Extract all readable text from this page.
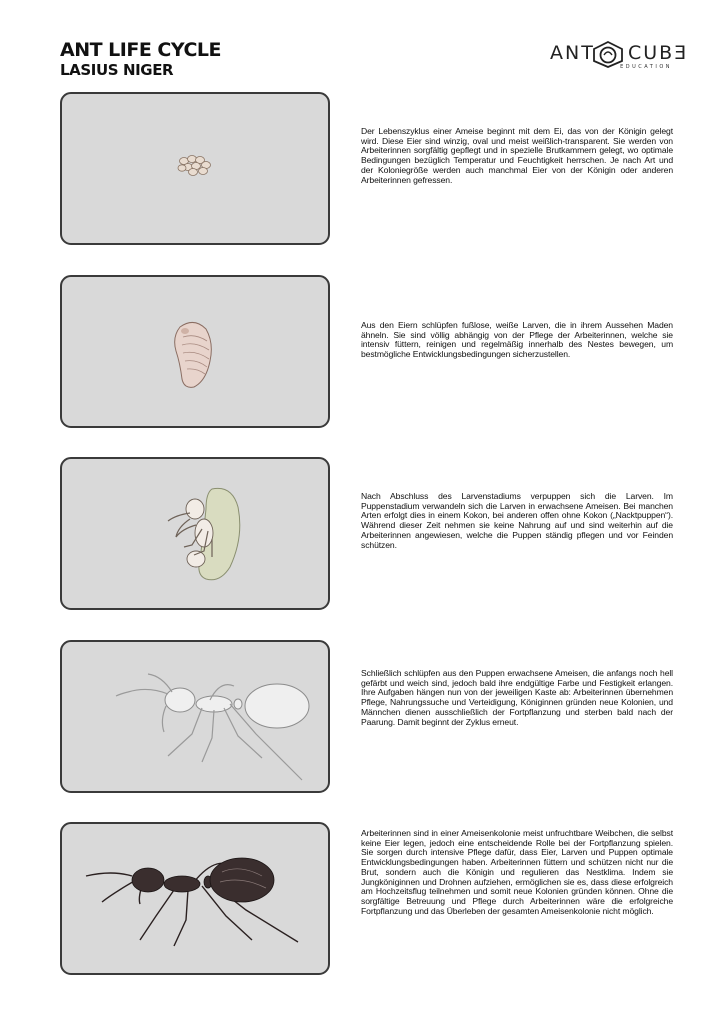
ANT LIFE CYCLE
LASIUS NIGER
ANT CUBƎ
EDUCATION

Der Lebenszyklus einer Ameise beginnt mit dem Ei, das von der Königin gelegt wird. Diese Eier sind winzig, oval und meist weißlich-transparent. Sie werden von Arbeiterinnen sorgfältig gepflegt und in spezielle Brutkammern gelegt, wo optimale Bedingungen bezüglich Temperatur und Feuchtigkeit herrschen. Je nach Art und der Koloniegröße werden auch manchmal Eier von der Königin oder anderen Arbeiterinnen gefressen.

Aus den Eiern schlüpfen fußlose, weiße Larven, die in ihrem Aussehen Maden ähneln. Sie sind völlig abhängig von der Pflege der Arbeiterinnen, welche sie intensiv füttern, reinigen und regelmäßig innerhalb des Nestes bewegen, um bestmögliche Entwicklungsbedingungen sicherzustellen.

Nach Abschluss des Larvenstadiums verpuppen sich die Larven. Im Puppenstadium verwandeln sich die Larven in erwachsene Ameisen. Bei manchen Arten erfolgt dies in einem Kokon, bei anderen offen ohne Kokon („Nacktpuppen“). Während dieser Zeit nehmen sie keine Nahrung auf und sind weiterhin auf die Arbeiterinnen angewiesen, welche die Puppen ständig pflegen und vor Feinden schützen.

Schließlich schlüpfen aus den Puppen erwachsene Ameisen, die anfangs noch hell gefärbt und weich sind, jedoch bald ihre endgültige Farbe und Festigkeit erlangen. Ihre Aufgaben hängen nun von der jeweiligen Kaste ab: Arbeiterinnen übernehmen Pflege, Nahrungssuche und Verteidigung, Königinnen gründen neue Kolonien, und Männchen dienen ausschließlich der Fortpflanzung und sterben bald nach der Paarung. Damit beginnt der Zyklus erneut.

Arbeiterinnen sind in einer Ameisenkolonie meist unfruchtbare Weibchen, die selbst keine Eier legen, jedoch eine entscheidende Rolle bei der Fortpflanzung spielen. Sie sorgen durch intensive Pflege dafür, dass Eier, Larven und Puppen optimale Entwicklungsbedingungen haben. Arbeiterinnen füttern und schützen nicht nur die Brut, sondern auch die Königin und regulieren das Nestklima. Indem sie Jungköniginnen und Drohnen aufziehen, ermöglichen sie es, dass diese erfolgreich am Hochzeitsflug teilnehmen und somit neue Kolonien gründen können. Ohne die sorgfältige Betreuung und Pflege durch Arbeiterinnen wäre die erfolgreiche Fortpflanzung und das Überleben der gesamten Ameisenkolonie nicht möglich.
